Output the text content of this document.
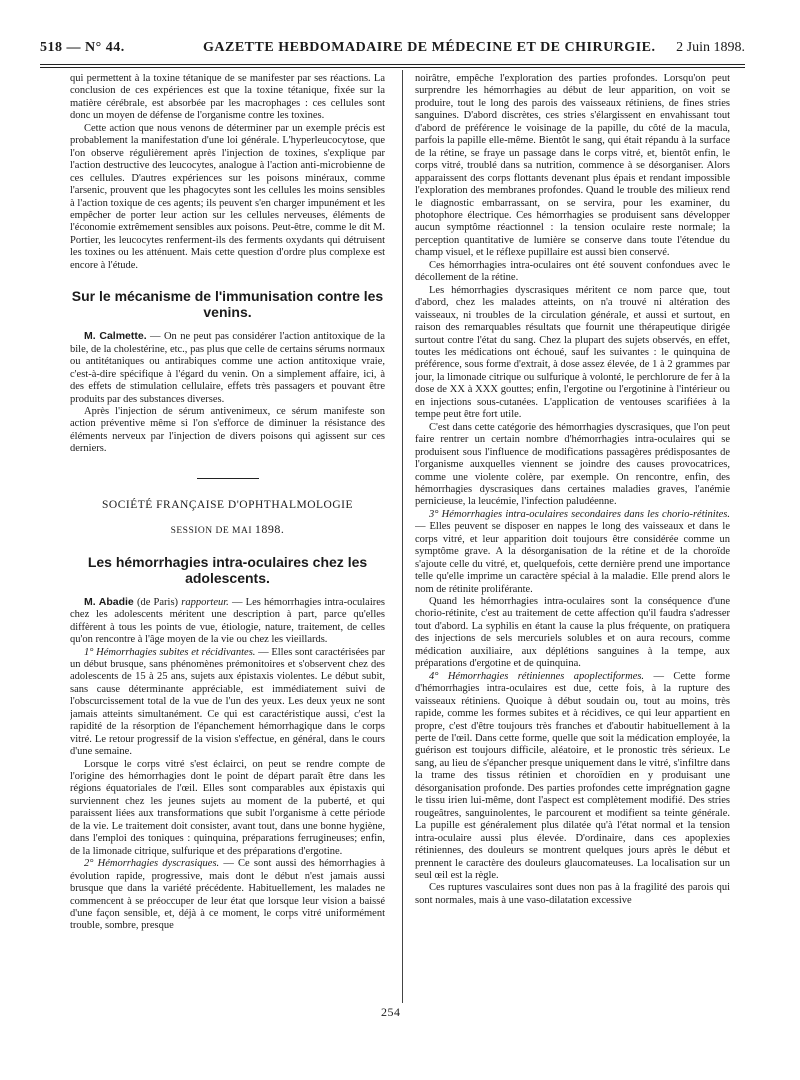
518 — N° 44.	GAZETTE HEBDOMADAIRE DE MÉDECINE ET DE CHIRURGIE. 2 Juin 1898.

qui permettent à la toxine tétanique de se manifester par ses réactions. La conclusion de ces expériences est que la toxine tétanique, fixée sur la matière cérébrale, est absorbée par les macrophages : ces cellules sont donc un moyen de défense de l'organisme contre les toxines.

Cette action que nous venons de déterminer par un exemple précis est probablement la manifestation d'une loi générale. L'hyperleucocytose, que l'on observe régulièrement après l'injection de toxines, s'explique par l'action destructive des leucocytes, analogue à l'action anti-microbienne de ces cellules. D'autres expériences sur les poisons minéraux, comme l'arsenic, prouvent que les phagocytes sont les cellules les moins sensibles à l'action toxique de ces agents; ils peuvent s'en charger impunément et les empêcher de porter leur action sur les cellules nerveuses, éléments de l'économie extrêmement sensibles aux poisons. Peut-être, comme le dit M. Portier, les leucocytes renferment-ils des ferments oxydants qui détruisent les toxines ou les atténuent. Mais cette question d'ordre plus complexe est encore à l'étude.

Sur le mécanisme de l'immunisation contre les venins.

M. Calmette. — On ne peut pas considérer l'action antitoxique de la bile, de la cholestérine, etc., pas plus que celle de certains sérums normaux ou antitétaniques ou antirabiques comme une action antitoxique vraie, c'est-à-dire spécifique à l'égard du venin. On a simplement affaire, ici, à des effets de stimulation cellulaire, effets très passagers et pouvant être produits par des substances diverses.

Après l'injection de sérum antivenimeux, ce sérum manifeste son action préventive même si l'on s'efforce de diminuer la résistance des éléments nerveux par l'injection de divers poisons qui agissent sur ces derniers.

SOCIÉTÉ FRANÇAISE D'OPHTHALMOLOGIE
SESSION DE MAI 1898.
Les hémorrhagies intra-oculaires chez les adolescents.

M. Abadie (de Paris) rapporteur. — Les hémorrhagies intra-oculaires chez les adolescents méritent une description à part, parce qu'elles diffèrent à tous les points de vue, étiologie, nature, traitement, de celles qu'on rencontre à l'âge moyen de la vie ou chez les vieillards.

1° Hémorrhagies subites et récidivantes. — Elles sont caractérisées par un début brusque, sans phénomènes prémonitoires et s'observent chez des adolescents de 15 à 25 ans, sujets aux épistaxis violentes. Le début subit, sans cause déterminante appréciable, est immédiatement suivi de l'obscurcissement total de la vue de l'un des yeux. Les deux yeux ne sont jamais atteints simultanément. Ce qui est caractéristique aussi, c'est la rapidité de la résorption de l'épanchement hémorrhagique dans le corps vitré. Le retour progressif de la vision s'effectue, en général, dans le cours d'une semaine.

Lorsque le corps vitré s'est éclairci, on peut se rendre compte de l'origine des hémorrhagies dont le point de départ paraît être dans les régions équatoriales de l'œil. Elles sont comparables aux épistaxis qui surviennent chez les jeunes sujets au moment de la puberté, et qui paraissent liées aux transformations que subit l'organisme à cette période de la vie. Le traitement doit consister, avant tout, dans une bonne hygiène, dans l'emploi des toniques : quinquina, préparations ferrugineuses; enfin, de la limonade citrique, sulfurique et des préparations d'ergotine.

2° Hémorrhagies dyscrasiques. — Ce sont aussi des hémorrhagies à évolution rapide, progressive, mais dont le début n'est jamais aussi brusque que dans la variété précédente. Habituellement, les malades ne commencent à se préoccuper de leur état que lorsque leur vision a baissé d'une façon sensible, et, déjà à ce moment, le corps vitré uniformément trouble, sombre, presque

noirâtre, empêche l'exploration des parties profondes. Lorsqu'on peut surprendre les hémorrhagies au début de leur apparition, on voit se produire, tout le long des parois des vaisseaux rétiniens, de fines stries sanguines. D'abord discrètes, ces stries s'élargissent en envahissant tout d'abord de préférence le voisinage de la papille, du côté de la macula, parfois la papille elle-même. Bientôt le sang, qui était répandu à la surface de la rétine, se fraye un passage dans le corps vitré, et, bientôt enfin, le corps vitré, troublé dans sa nutrition, commence à se désorganiser. Alors apparaissent des corps flottants devenant plus épais et rendant impossible l'exploration des membranes profondes. Quand le trouble des milieux rend le diagnostic embarrassant, on se servira, pour les examiner, du photophore électrique. Ces hémorrhagies se produisent sans développer aucun symptôme réactionnel : la tension oculaire reste normale; la perception quantitative de lumière se conserve dans toute l'étendue du champ visuel, et le réflexe pupillaire est aussi bien conservé.

Ces hémorrhagies intra-oculaires ont été souvent confondues avec le décollement de la rétine.

Les hémorrhagies dyscrasiques méritent ce nom parce que, tout d'abord, chez les malades atteints, on n'a trouvé ni altération des vaisseaux, ni troubles de la circulation générale, et aussi et surtout, en raison des remarquables résultats que fournit une thérapeutique dirigée surtout contre l'état du sang. Chez la plupart des sujets observés, en effet, toutes les médications ont échoué, sauf les suivantes : le quinquina de préférence, sous forme d'extrait, à dose assez élevée, de 1 à 2 grammes par jour, la limonade citrique ou sulfurique à volonté, le perchlorure de fer à la dose de XX à XXX gouttes; enfin, l'ergotine ou l'ergotinine à l'intérieur ou en injections sous-cutanées. L'application de ventouses scarifiées à la tempe peut être fort utile.

C'est dans cette catégorie des hémorrhagies dyscrasiques, que l'on peut faire rentrer un certain nombre d'hémorrhagies intra-oculaires qui se produisent sous l'influence de modifications passagères prédisposantes de l'organisme auxquelles viennent se joindre des causes provocatrices, comme une violente colère, par exemple. On rencontre, enfin, des hémorrhagies dyscrasiques dans certaines maladies graves, l'anémie pernicieuse, la leucémie, l'infection paludéenne.

3° Hémorrhagies intra-oculaires secondaires dans les chorio-rétinites. — Elles peuvent se disposer en nappes le long des vaisseaux et dans le corps vitré, et leur apparition doit toujours être considérée comme un symptôme grave. A la désorganisation de la rétine et de la choroïde s'ajoute celle du vitré, et, quelquefois, cette dernière prend une importance telle qu'elle imprime un caractère spécial à la maladie. Elle prend alors le nom de rétinite proliférante.

Quand les hémorrhagies intra-oculaires sont la conséquence d'une chorio-rétinite, c'est au traitement de cette affection qu'il faudra s'adresser tout d'abord. La syphilis en étant la cause la plus fréquente, on pratiquera des injections de sels mercuriels solubles et on aura recours, comme médication auxiliaire, aux déplétions sanguines à la tempe, aux préparations d'ergotine et de quinquina.

4° Hémorrhagies rétiniennes apoplectiformes. — Cette forme d'hémorrhagies intra-oculaires est due, cette fois, à la rupture des vaisseaux rétiniens. Quoique à début soudain ou, tout au moins, très rapide, comme les formes subites et à récidives, ce qui leur appartient en propre, c'est d'être toujours très franches et d'aboutir habituellement à la perte de l'œil. Dans cette forme, quelle que soit la médication employée, la guérison est toujours difficile, aléatoire, et le pronostic très sérieux. Le sang, au lieu de s'épancher presque uniquement dans le vitré, s'infiltre dans la trame des tissus rétinien et choroïdien en y produisant une désorganisation profonde. Des parties profondes cette imprégnation gagne le tissu irien lui-même, dont l'aspect est complètement modifié. Des stries rougeâtres, sanguinolentes, le parcourent et modifient sa teinte générale. La pupille est généralement plus dilatée qu'à l'état normal et la tension intra-oculaire aussi plus élevée. D'ordinaire, dans ces apoplexies rétiniennes, des douleurs se montrent quelques jours après le début et prennent le caractère des douleurs glaucomateuses. La localisation sur un seul œil est la règle.

Ces ruptures vasculaires sont dues non pas à la fragilité des parois qui sont normales, mais à une vaso-dilatation excessive

254
